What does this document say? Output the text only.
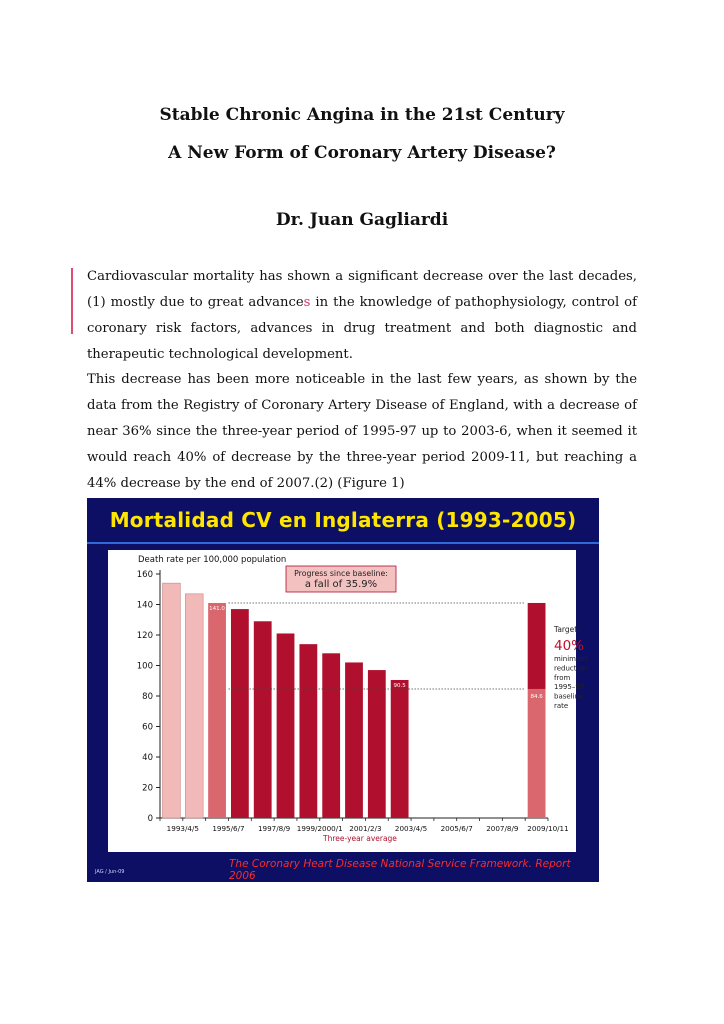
Stable Chronic Angina in the 21st Century
A New Form of Coronary Artery Disease?
Dr. Juan Gagliardi
Cardiovascular mortality has shown a significant decrease over the last decades,(1) mostly due to great advances in the knowledge of pathophysiology, control of coronary risk factors, advances in drug treatment and both diagnostic and therapeutic technological development.
This decrease has been more noticeable in the last few years, as shown by the data from the Registry of Coronary Artery Disease of England, with a decrease of near 36% since the three-year period of 1995-97 up to 2003-6, when it seemed it would reach 40% of decrease by the three-year period 2009-11, but reaching a 44% decrease by the end of 2007.(2) (Figure 1)
Mortalidad CV en Inglaterra (1993-2005)
Death rate per 100,000 population
0
20
40
60
80
100
120
140
160
1993/4/5 1995/6/7 1997/8/9 1999/2000/1 2001/2/3 2003/4/5 2005/6/7 2007/8/9 2009/10/11
Three-year average
141.0
90.5
84.6
Progress since baseline:
a fall of 35.9%
Target:
40%
minimum
reduction
from
1995–97
baseline
rate
The Coronary Heart Disease National Service Framework. Report 2006
JAG / Jun-09
